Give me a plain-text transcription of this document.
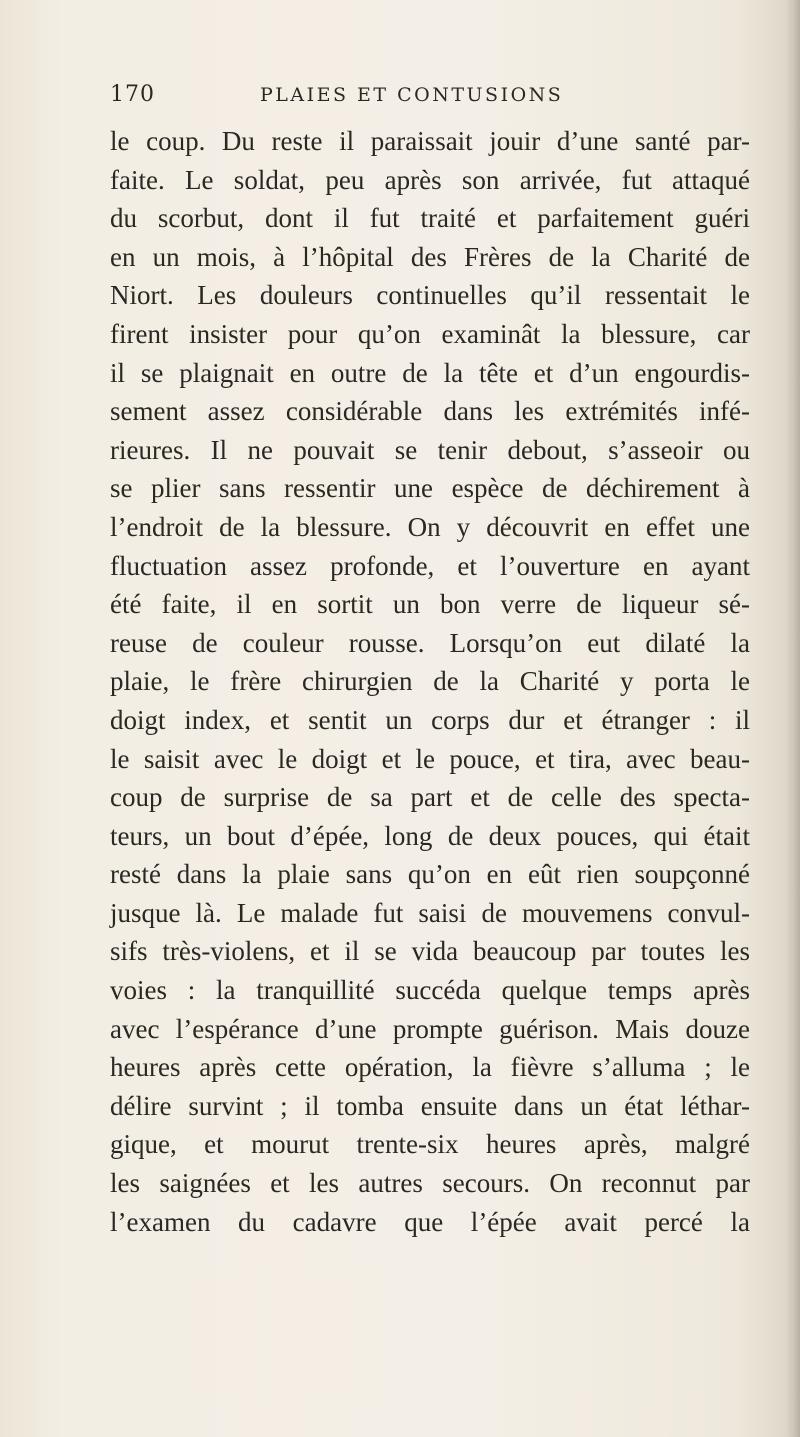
170	PLAIES ET CONTUSIONS
le coup. Du reste il paraissait jouir d’une santé par-
faite. Le soldat, peu après son arrivée, fut attaqué
du scorbut, dont il fut traité et parfaitement guéri
en un mois, à l’hôpital des Frères de la Charité de
Niort. Les douleurs continuelles qu’il ressentait le
firent insister pour qu’on examinât la blessure, car
il se plaignait en outre de la tête et d’un engourdis-
sement assez considérable dans les extrémités infé-
rieures. Il ne pouvait se tenir debout, s’asseoir ou
se plier sans ressentir une espèce de déchirement à
l’endroit de la blessure. On y découvrit en effet une
fluctuation assez profonde, et l’ouverture en ayant
été faite, il en sortit un bon verre de liqueur sé-
reuse de couleur rousse. Lorsqu’on eut dilaté la
plaie, le frère chirurgien de la Charité y porta le
doigt index, et sentit un corps dur et étranger : il
le saisit avec le doigt et le pouce, et tira, avec beau-
coup de surprise de sa part et de celle des specta-
teurs, un bout d’épée, long de deux pouces, qui était
resté dans la plaie sans qu’on en eût rien soupçonné
jusque là. Le malade fut saisi de mouvemens convul-
sifs très-violens, et il se vida beaucoup par toutes les
voies : la tranquillité succéda quelque temps après
avec l’espérance d’une prompte guérison. Mais douze
heures après cette opération, la fièvre s’alluma ; le
délire survint ; il tomba ensuite dans un état léthar-
gique, et mourut trente-six heures après, malgré
les saignées et les autres secours. On reconnut par
l’examen du cadavre que l’épée avait percé la
